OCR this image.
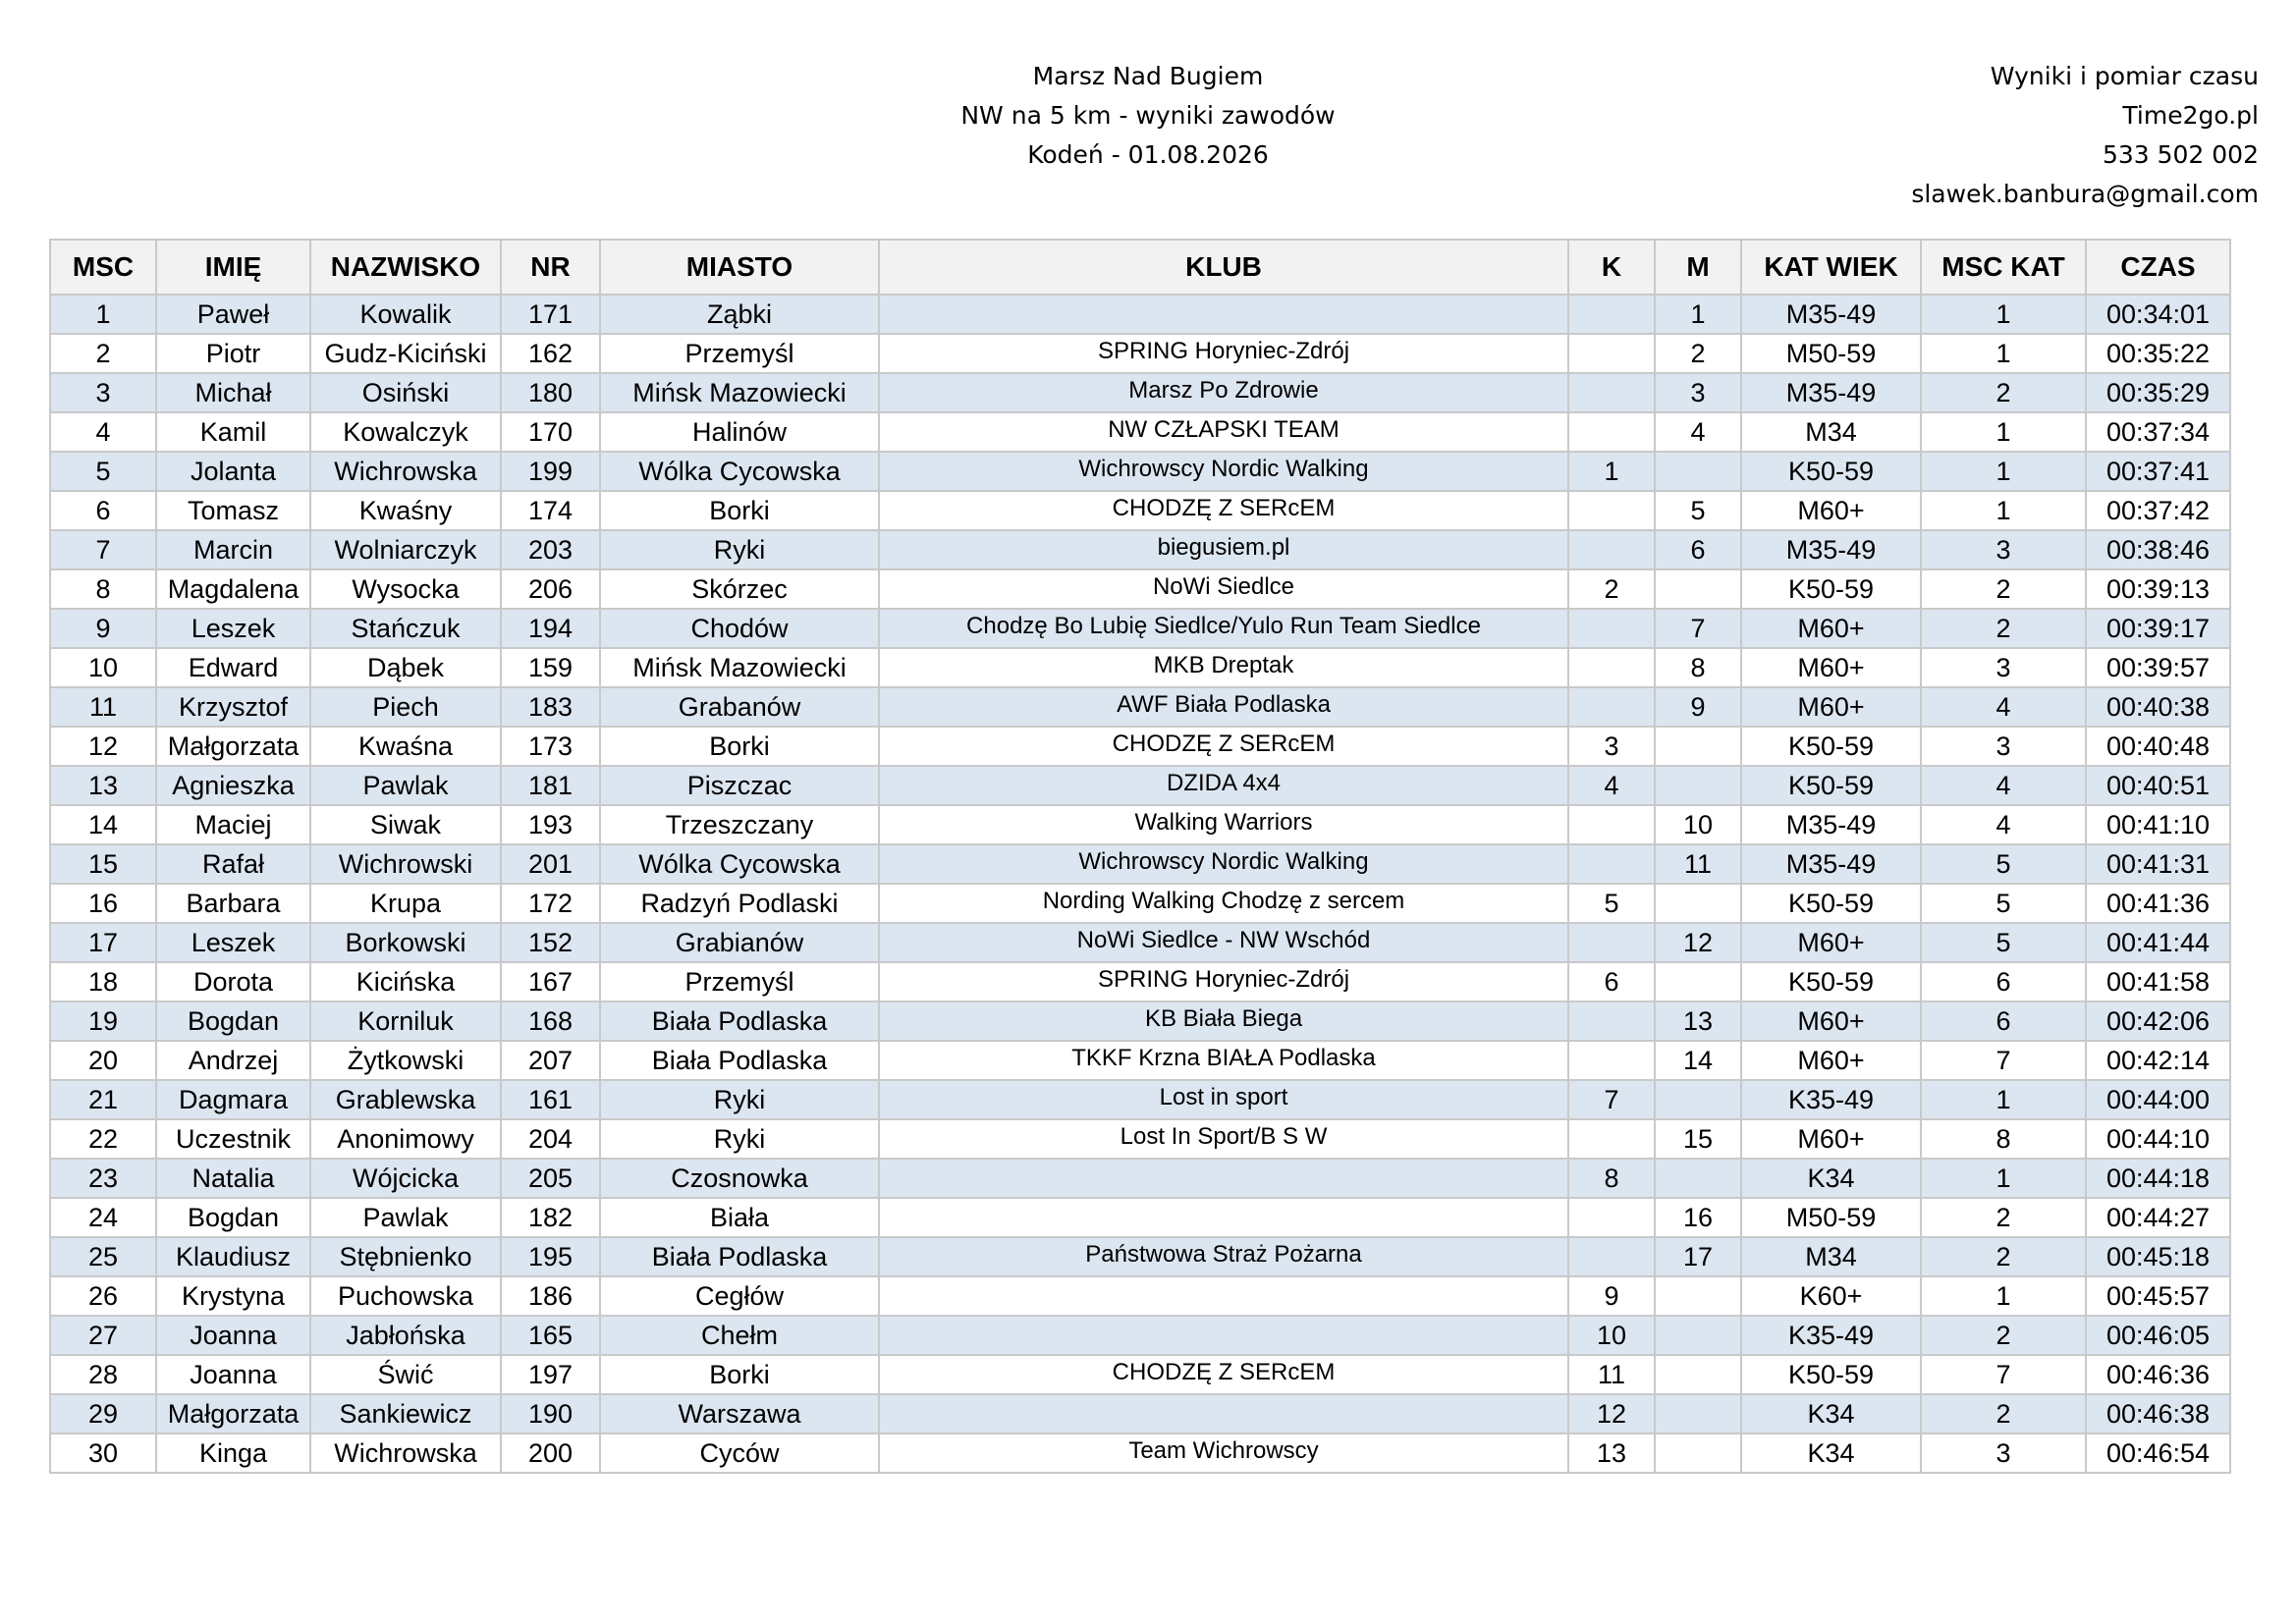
Marsz Nad Bugiem
NW na 5 km - wyniki zawodów
Kodeń - 01.08.2026
Wyniki i pomiar czasu
Time2go.pl
533 502 002
slawek.banbura@gmail.com
MSC	IMIĘ	NAZWISKO	NR	MIASTO	KLUB	K	M	KAT WIEK	MSC KAT	CZAS
1	Paweł	Kowalik	171	Ząbki			1	M35-49	1	00:34:01
2	Piotr	Gudz-Kiciński	162	Przemyśl	SPRING Horyniec-Zdrój		2	M50-59	1	00:35:22
3	Michał	Osiński	180	Mińsk Mazowiecki	Marsz Po Zdrowie		3	M35-49	2	00:35:29
4	Kamil	Kowalczyk	170	Halinów	NW CZŁAPSKI TEAM		4	M34	1	00:37:34
5	Jolanta	Wichrowska	199	Wólka Cycowska	Wichrowscy Nordic Walking	1		K50-59	1	00:37:41
6	Tomasz	Kwaśny	174	Borki	CHODZĘ Z SERcEM		5	M60+	1	00:37:42
7	Marcin	Wolniarczyk	203	Ryki	biegusiem.pl		6	M35-49	3	00:38:46
8	Magdalena	Wysocka	206	Skórzec	NoWi Siedlce	2		K50-59	2	00:39:13
9	Leszek	Stańczuk	194	Chodów	Chodzę Bo Lubię Siedlce/Yulo Run Team Siedlce		7	M60+	2	00:39:17
10	Edward	Dąbek	159	Mińsk Mazowiecki	MKB Dreptak		8	M60+	3	00:39:57
11	Krzysztof	Piech	183	Grabanów	AWF Biała Podlaska		9	M60+	4	00:40:38
12	Małgorzata	Kwaśna	173	Borki	CHODZĘ Z SERcEM	3		K50-59	3	00:40:48
13	Agnieszka	Pawlak	181	Piszczac	DZIDA 4x4	4		K50-59	4	00:40:51
14	Maciej	Siwak	193	Trzeszczany	Walking Warriors		10	M35-49	4	00:41:10
15	Rafał	Wichrowski	201	Wólka Cycowska	Wichrowscy Nordic Walking		11	M35-49	5	00:41:31
16	Barbara	Krupa	172	Radzyń Podlaski	Nording Walking Chodzę z sercem	5		K50-59	5	00:41:36
17	Leszek	Borkowski	152	Grabianów	NoWi Siedlce - NW Wschód		12	M60+	5	00:41:44
18	Dorota	Kicińska	167	Przemyśl	SPRING Horyniec-Zdrój	6		K50-59	6	00:41:58
19	Bogdan	Korniluk	168	Biała Podlaska	KB Biała Biega		13	M60+	6	00:42:06
20	Andrzej	Żytkowski	207	Biała Podlaska	TKKF Krzna BIAŁA Podlaska		14	M60+	7	00:42:14
21	Dagmara	Grablewska	161	Ryki	Lost in sport	7		K35-49	1	00:44:00
22	Uczestnik	Anonimowy	204	Ryki	Lost In Sport/B S W		15	M60+	8	00:44:10
23	Natalia	Wójcicka	205	Czosnowka		8		K34	1	00:44:18
24	Bogdan	Pawlak	182	Biała			16	M50-59	2	00:44:27
25	Klaudiusz	Stębnienko	195	Biała Podlaska	Państwowa Straż Pożarna		17	M34	2	00:45:18
26	Krystyna	Puchowska	186	Cegłów		9		K60+	1	00:45:57
27	Joanna	Jabłońska	165	Chełm		10		K35-49	2	00:46:05
28	Joanna	Świć	197	Borki	CHODZĘ Z SERcEM	11		K50-59	7	00:46:36
29	Małgorzata	Sankiewicz	190	Warszawa		12		K34	2	00:46:38
30	Kinga	Wichrowska	200	Cyców	Team Wichrowscy	13		K34	3	00:46:54
